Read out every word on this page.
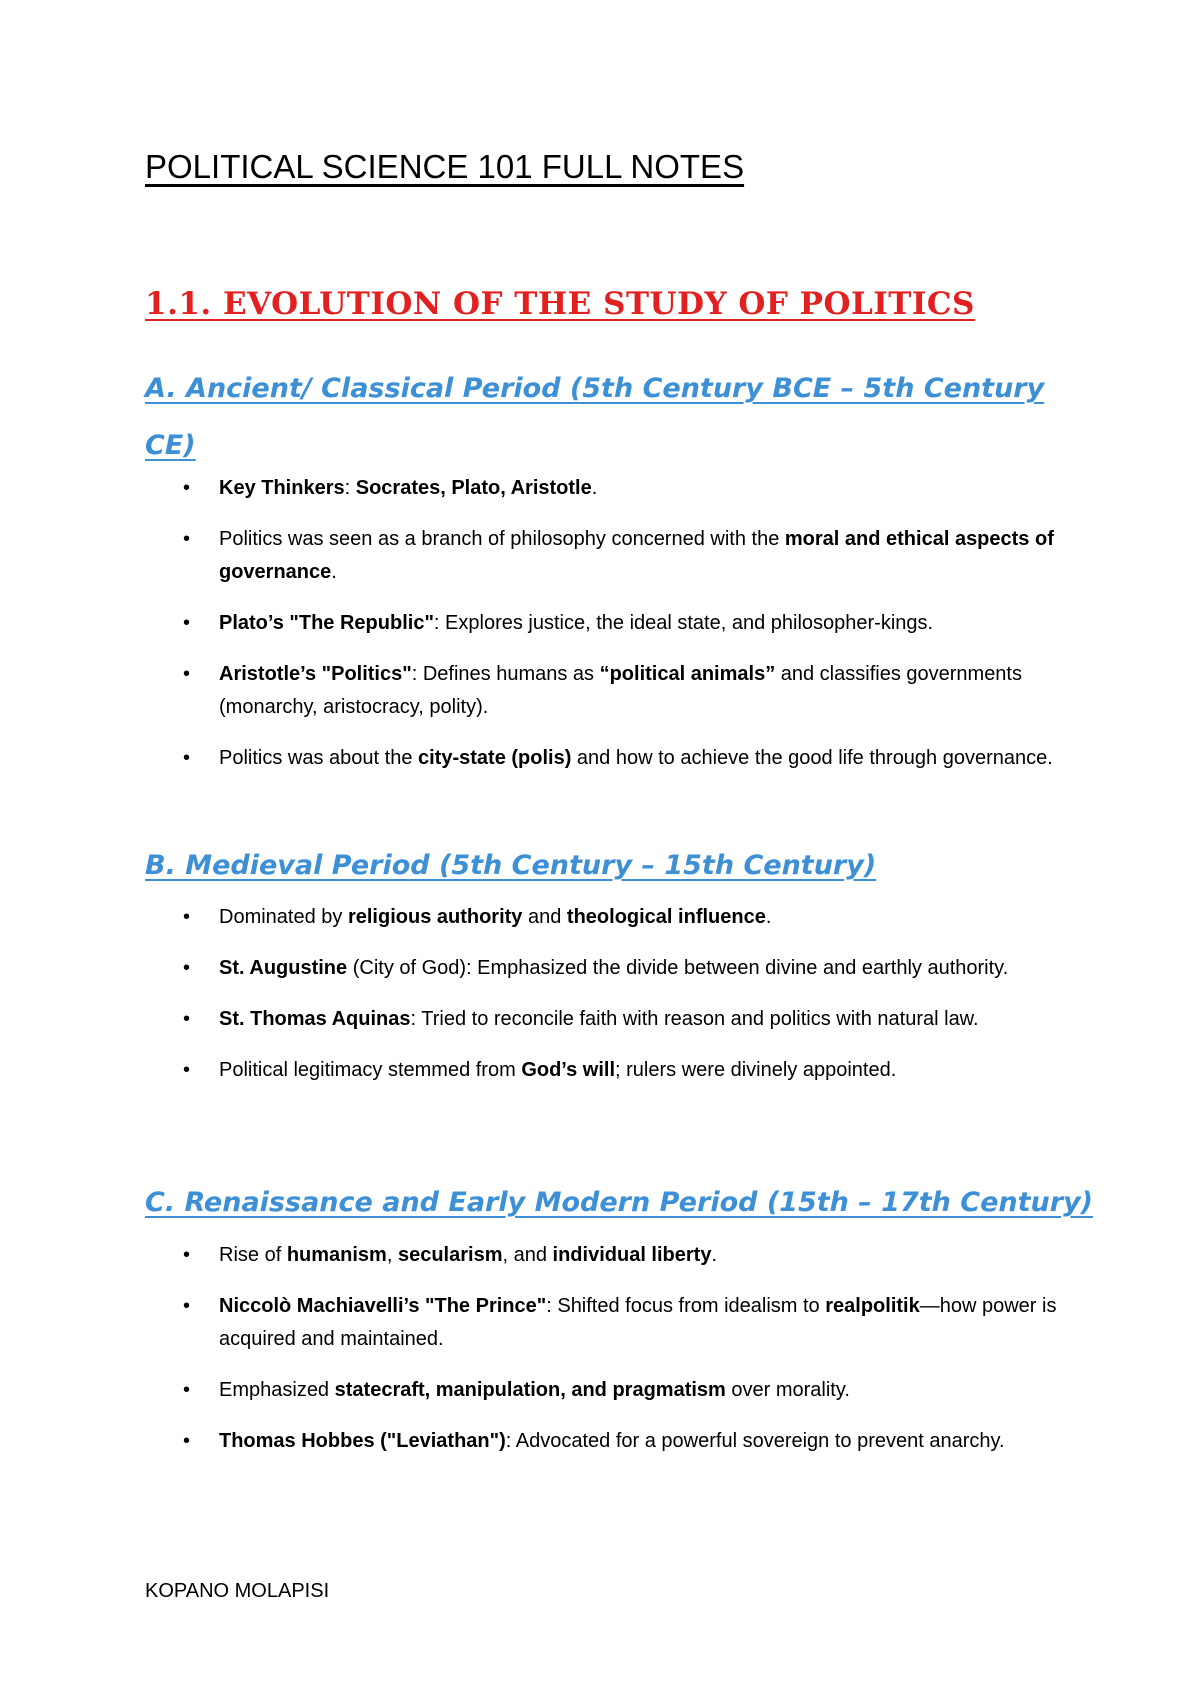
POLITICAL SCIENCE 101 FULL NOTES
1.1. EVOLUTION OF THE STUDY OF POLITICS
A. Ancient/ Classical Period (5th Century BCE – 5th Century CE)
• Key Thinkers: Socrates, Plato, Aristotle.
• Politics was seen as a branch of philosophy concerned with the moral and ethical aspects of governance.
• Plato’s "The Republic": Explores justice, the ideal state, and philosopher-kings.
• Aristotle’s "Politics": Defines humans as “political animals” and classifies governments (monarchy, aristocracy, polity).
• Politics was about the city-state (polis) and how to achieve the good life through governance.
B. Medieval Period (5th Century – 15th Century)
• Dominated by religious authority and theological influence.
• St. Augustine (City of God): Emphasized the divide between divine and earthly authority.
• St. Thomas Aquinas: Tried to reconcile faith with reason and politics with natural law.
• Political legitimacy stemmed from God’s will; rulers were divinely appointed.
C. Renaissance and Early Modern Period (15th – 17th Century)
• Rise of humanism, secularism, and individual liberty.
• Niccolò Machiavelli’s "The Prince": Shifted focus from idealism to realpolitik—how power is acquired and maintained.
• Emphasized statecraft, manipulation, and pragmatism over morality.
• Thomas Hobbes ("Leviathan"): Advocated for a powerful sovereign to prevent anarchy.
KOPANO MOLAPISI
